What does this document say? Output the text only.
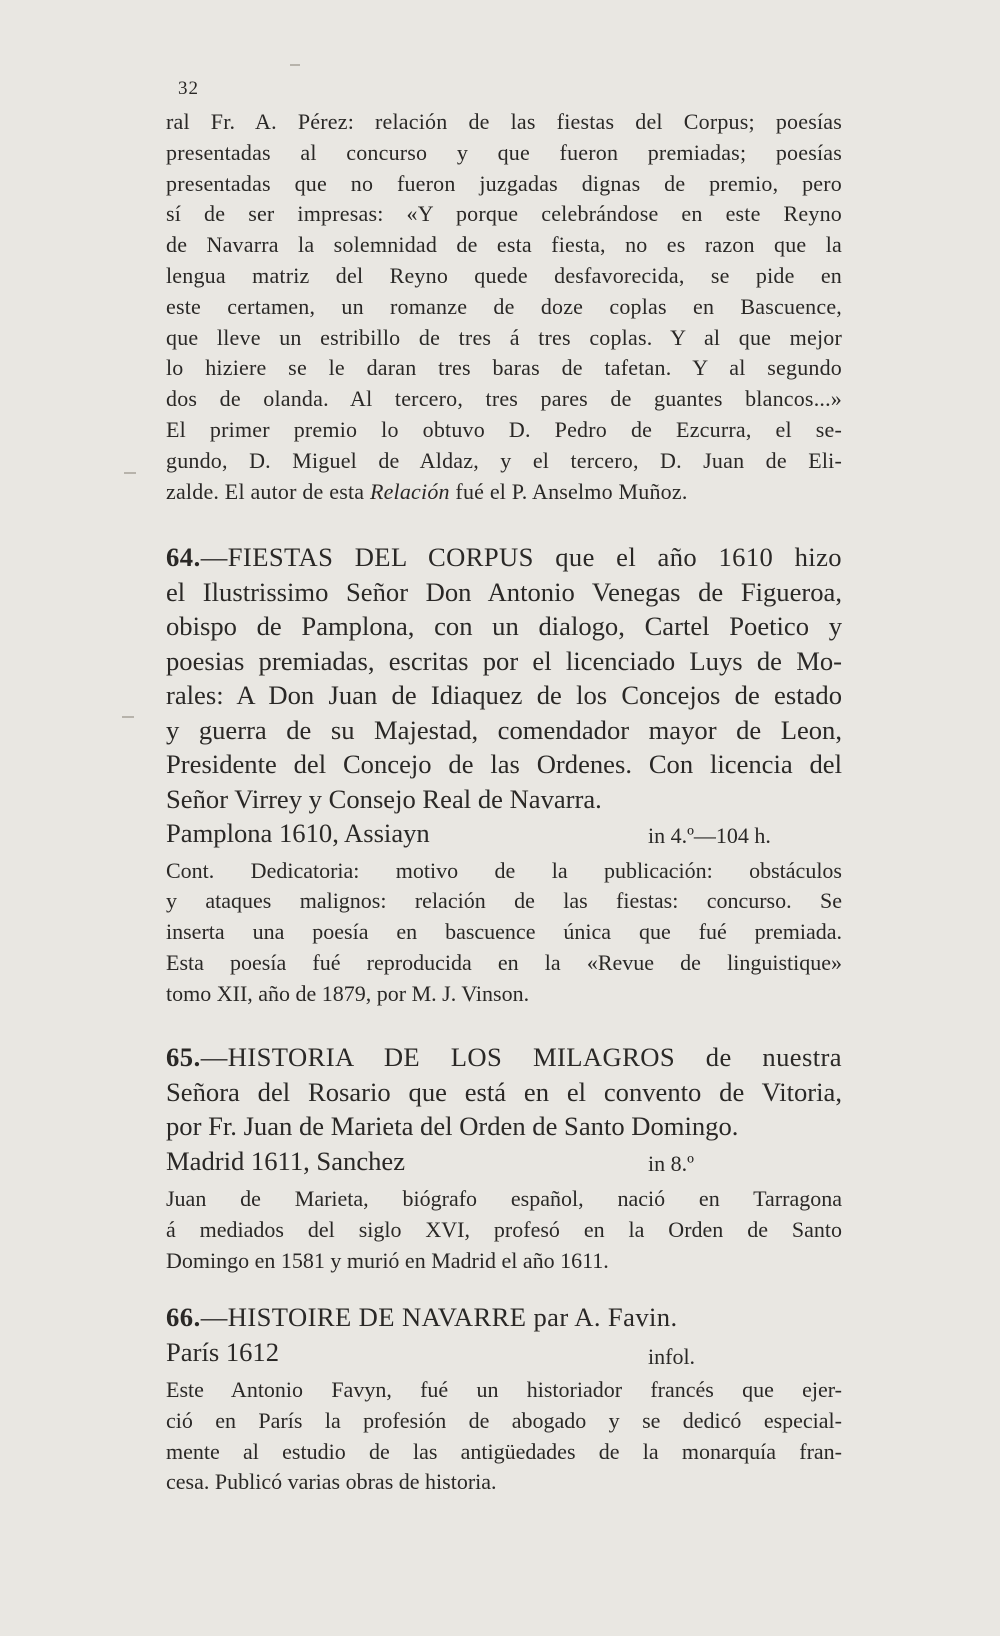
32

ral Fr. A. Pérez: relación de las fiestas del Corpus; poesías

presentadas al concurso y que fueron premiadas; poesías

presentadas que no fueron juzgadas dignas de premio, pero

sí de ser impresas: «Y porque celebrándose en este Reyno

de Navarra la solemnidad de esta fiesta, no es razon que la

lengua matriz del Reyno quede desfavorecida, se pide en

este certamen, un romanze de doze coplas en Bascuence,

que lleve un estribillo de tres á tres coplas. Y al que mejor

lo hiziere se le daran tres baras de tafetan. Y al segundo

dos de olanda. Al tercero, tres pares de guantes blancos...»

El primer premio lo obtuvo D. Pedro de Ezcurra, el se-

gundo, D. Miguel de Aldaz, y el tercero, D. Juan de Eli-

zalde. El autor de esta Relación fué el P. Anselmo Muñoz.

64.—FIESTAS DEL CORPUS que el año 1610 hizo
el Ilustrissimo Señor Don Antonio Venegas de Figueroa,
obispo de Pamplona, con un dialogo, Cartel Poetico y
poesias premiadas, escritas por el licenciado Luys de Mo-
rales: A Don Juan de Idiaquez de los Concejos de estado
y guerra de su Majestad, comendador mayor de Leon,
Presidente del Concejo de las Ordenes. Con licencia del
Señor Virrey y Consejo Real de Navarra.
Pamplona 1610, Assiayn	in 4.º—104 h.
Cont. Dedicatoria: motivo de la publicación: obstáculos
y ataques malignos: relación de las fiestas: concurso. Se
inserta una poesía en bascuence única que fué premiada.
Esta poesía fué reproducida en la «Revue de linguistique»
tomo XII, año de 1879, por M. J. Vinson.
65.—HISTORIA DE LOS MILAGROS de nuestra
Señora del Rosario que está en el convento de Vitoria,
por Fr. Juan de Marieta del Orden de Santo Domingo.
Madrid 1611, Sanchez	in 8.º
Juan de Marieta, biógrafo español, nació en Tarragona
á mediados del siglo XVI, profesó en la Orden de Santo
Domingo en 1581 y murió en Madrid el año 1611.
66.—HISTOIRE DE NAVARRE par A. Favin.
París 1612	infol.
Este Antonio Favyn, fué un historiador francés que ejer-
ció en París la profesión de abogado y se dedicó especial-
mente al estudio de las antigüedades de la monarquía fran-
cesa. Publicó varias obras de historia.
